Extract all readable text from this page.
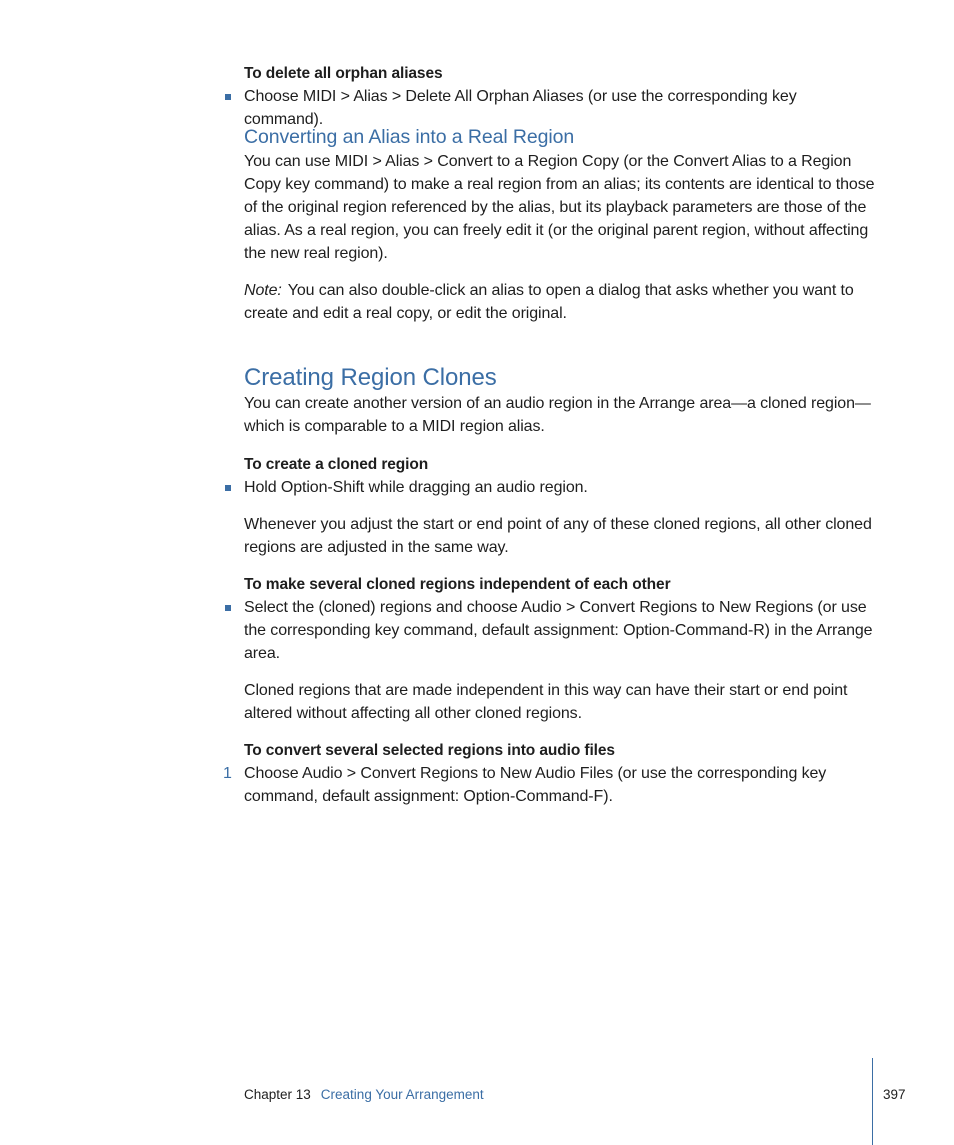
To delete all orphan aliases
Choose MIDI > Alias > Delete All Orphan Aliases (or use the corresponding key command).
Converting an Alias into a Real Region
You can use MIDI > Alias > Convert to a Region Copy (or the Convert Alias to a Region Copy key command) to make a real region from an alias; its contents are identical to those of the original region referenced by the alias, but its playback parameters are those of the alias. As a real region, you can freely edit it (or the original parent region, without affecting the new real region).
Note: You can also double-click an alias to open a dialog that asks whether you want to create and edit a real copy, or edit the original.
Creating Region Clones
You can create another version of an audio region in the Arrange area—a cloned region—which is comparable to a MIDI region alias.
To create a cloned region
Hold Option-Shift while dragging an audio region.
Whenever you adjust the start or end point of any of these cloned regions, all other cloned regions are adjusted in the same way.
To make several cloned regions independent of each other
Select the (cloned) regions and choose Audio > Convert Regions to New Regions (or use the corresponding key command, default assignment: Option-Command-R) in the Arrange area.
Cloned regions that are made independent in this way can have their start or end point altered without affecting all other cloned regions.
To convert several selected regions into audio files
1 Choose Audio > Convert Regions to New Audio Files (or use the corresponding key command, default assignment: Option-Command-F).
Chapter 13 Creating Your Arrangement	397
